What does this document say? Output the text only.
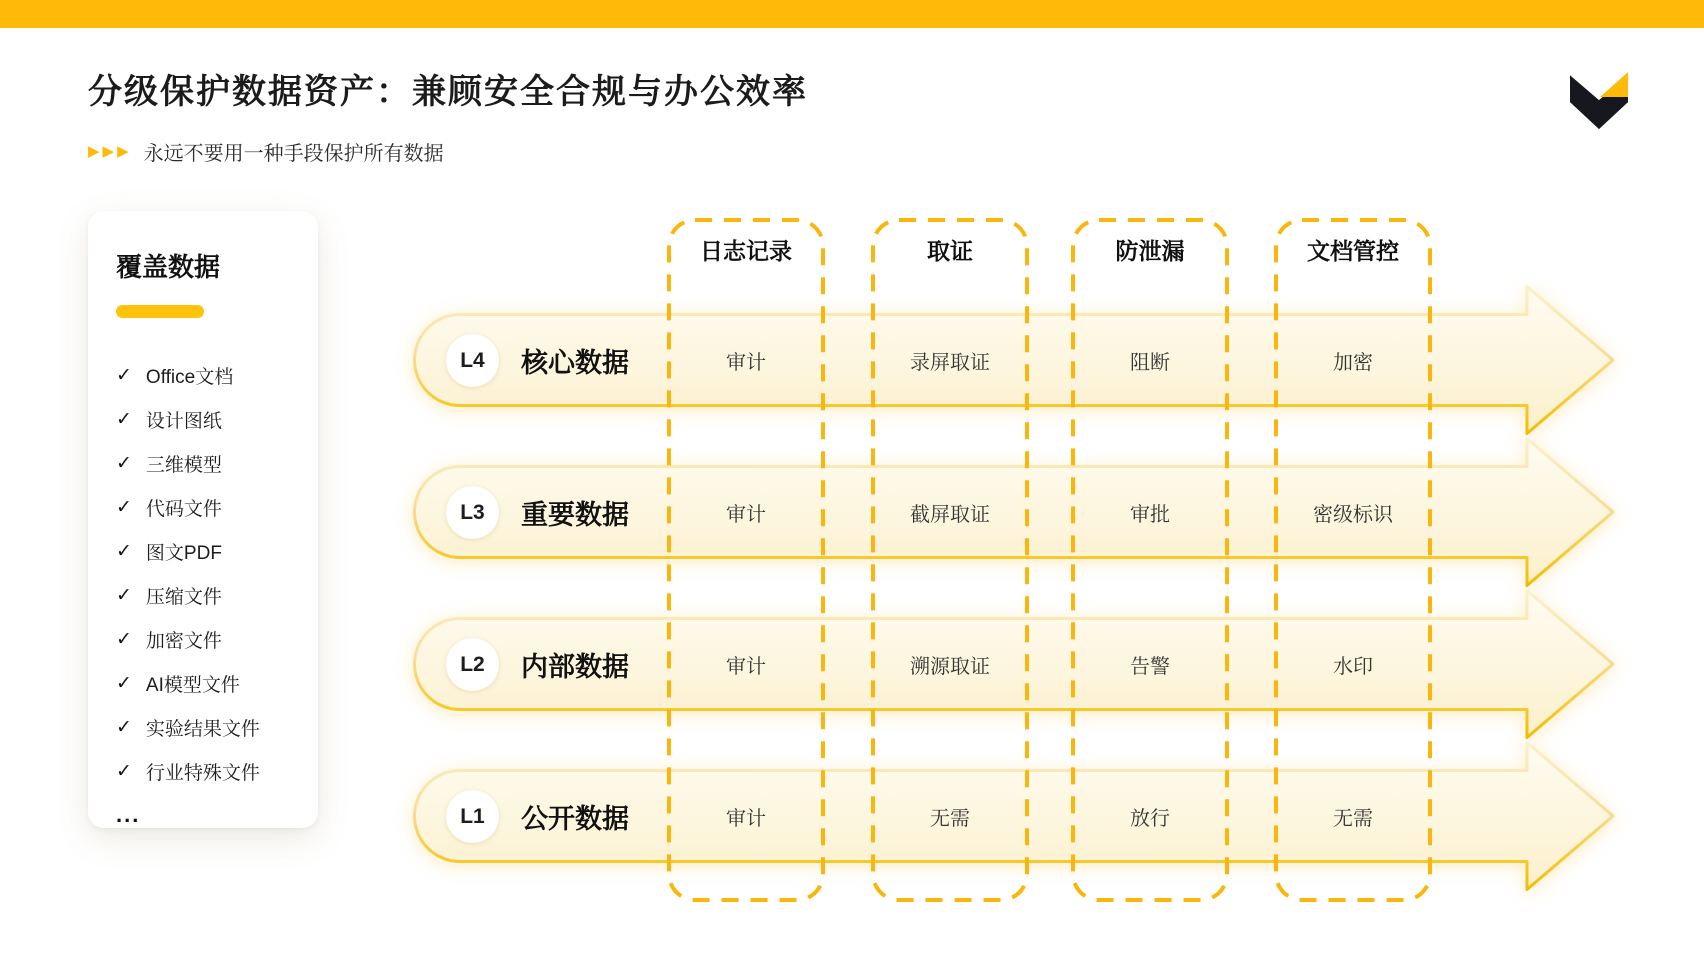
分级保护数据资产：兼顾安全合规与办公效率
▶▶▶ 永远不要用一种手段保护所有数据
覆盖数据
✓ Office文档
✓ 设计图纸
✓ 三维模型
✓ 代码文件
✓ 图文PDF
✓ 压缩文件
✓ 加密文件
✓ AI模型文件
✓ 实验结果文件
✓ 行业特殊文件
...
L4	核心数据	审计	录屏取证	阻断	加密
L3	重要数据	审计	截屏取证	审批	密级标识
L2	内部数据	审计	溯源取证	告警	水印
L1	公开数据	审计	无需	放行	无需
日志记录	取证	防泄漏	文档管控
